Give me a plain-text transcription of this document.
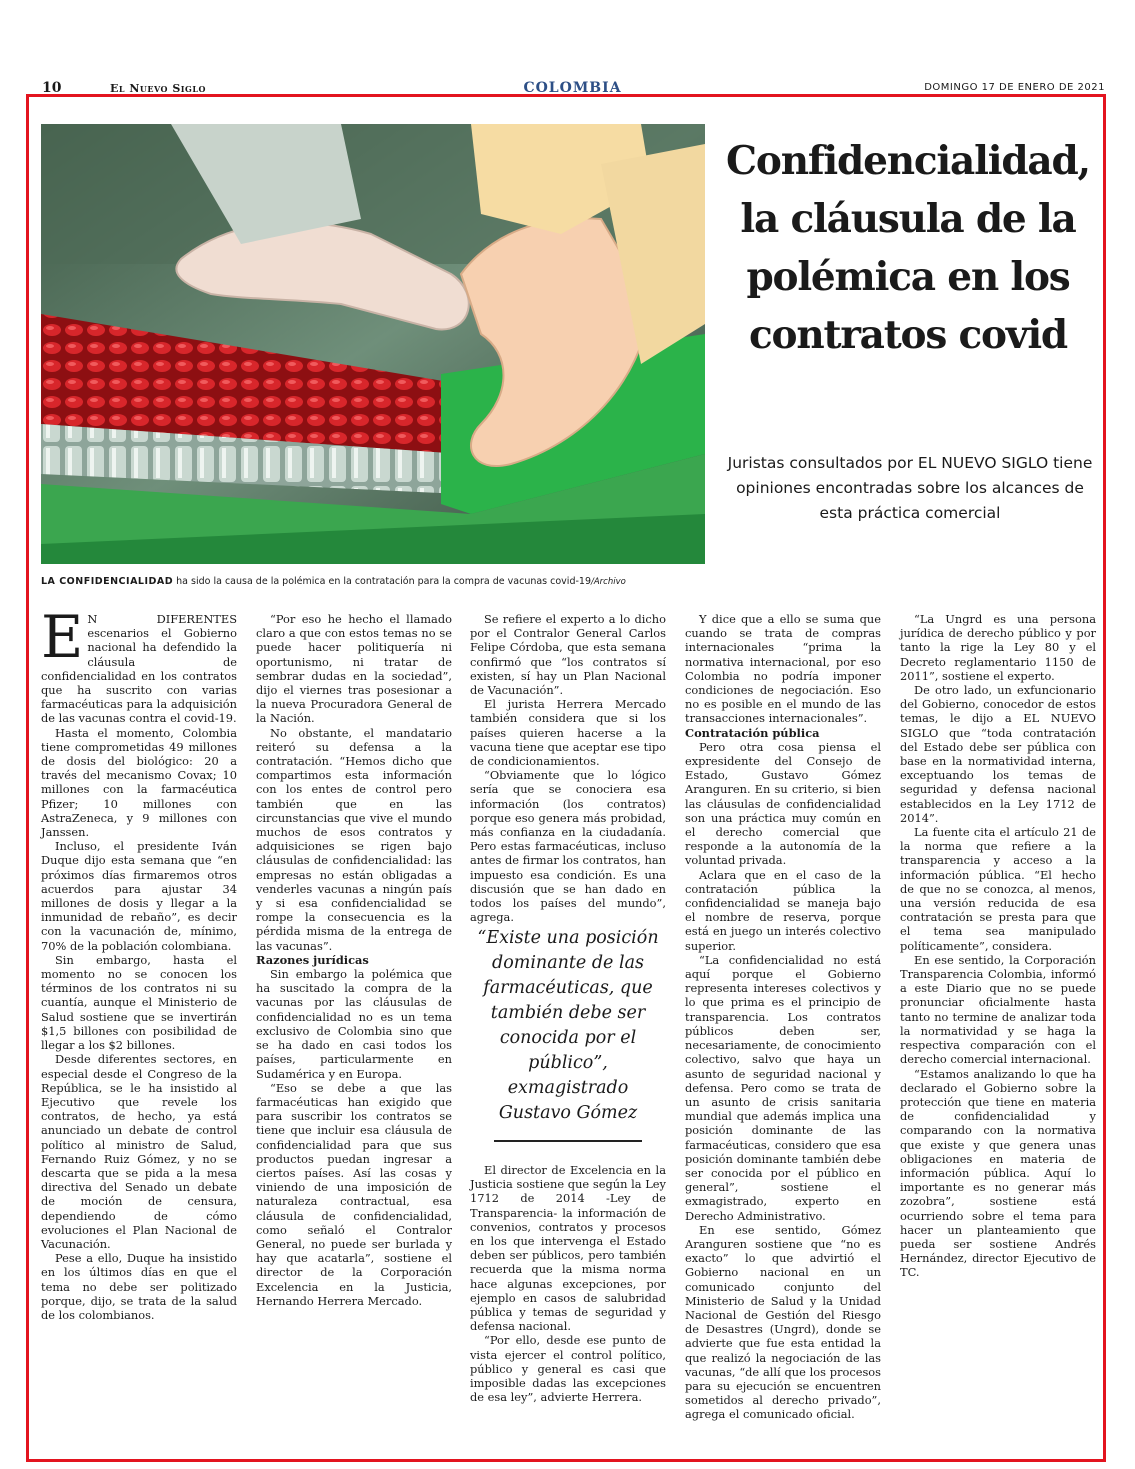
10	El Nuevo Siglo	COLOMBIA	DOMINGO 17 DE ENERO DE 2021
LA CONFIDENCIALIDAD ha sido la causa de la polémica en la contratación para la compra de vacunas covid-19/Archivo
Confidencialidad, la cláusula de la polémica en los contratos covid
Juristas consultados por EL NUEVO SIGLO tiene opiniones encontradas sobre los alcances de esta práctica comercial

EN DIFERENTES escenarios el Gobierno nacional ha defendido la cláusula de confidencialidad en los contratos que ha suscrito con varias farmacéuticas para la adquisición de las vacunas contra el covid-19.

Hasta el momento, Colombia tiene comprometidas 49 millones de dosis del biológico: 20 a través del mecanismo Covax; 10 millones con la farmacéutica Pfizer; 10 millones con AstraZeneca, y 9 millones con Janssen.

Incluso, el presidente Iván Duque dijo esta semana que “en próximos días firmaremos otros acuerdos para ajustar 34 millones de dosis y llegar a la inmunidad de rebaño”, es decir con la vacunación de, mínimo, 70% de la población colombiana.

Sin embargo, hasta el momento no se conocen los términos de los contratos ni su cuantía, aunque el Ministerio de Salud sostiene que se invertirán $1,5 billones con posibilidad de llegar a los $2 billones.

Desde diferentes sectores, en especial desde el Congreso de la República, se le ha insistido al Ejecutivo que revele los contratos, de hecho, ya está anunciado un debate de control político al ministro de Salud, Fernando Ruiz Gómez, y no se descarta que se pida a la mesa directiva del Senado un debate de moción de censura, dependiendo de cómo evoluciones el Plan Nacional de Vacunación.

Pese a ello, Duque ha insistido en los últimos días en que el tema no debe ser politizado porque, dijo, se trata de la salud de los colombianos.

“Por eso he hecho el llamado claro a que con estos temas no se puede hacer politiquería ni oportunismo, ni tratar de sembrar dudas en la sociedad”, dijo el viernes tras posesionar a la nueva Procuradora General de la Nación.

No obstante, el mandatario reiteró su defensa a la contratación. “Hemos dicho que compartimos esta información con los entes de control pero también que en las circunstancias que vive el mundo muchos de esos contratos y adquisiciones se rigen bajo cláusulas de confidencialidad: las empresas no están obligadas a venderles vacunas a ningún país y si esa confidencialidad se rompe la consecuencia es la pérdida misma de la entrega de las vacunas”.

Razones jurídicas

Sin embargo la polémica que ha suscitado la compra de la vacunas por las cláusulas de confidencialidad no es un tema exclusivo de Colombia sino que se ha dado en casi todos los países, particularmente en Sudamérica y en Europa.

“Eso se debe a que las farmacéuticas han exigido que para suscribir los contratos se tiene que incluir esa cláusula de confidencialidad para que sus productos puedan ingresar a ciertos países. Así las cosas y viniendo de una imposición de naturaleza contractual, esa cláusula de confidencialidad, como señaló el Contralor General, no puede ser burlada y hay que acatarla”, sostiene el director de la Corporación Excelencia en la Justicia, Hernando Herrera Mercado.

Se refiere el experto a lo dicho por el Contralor General Carlos Felipe Córdoba, que esta semana confirmó que “los contratos sí existen, sí hay un Plan Nacional de Vacunación”.

El jurista Herrera Mercado también considera que si los países quieren hacerse a la vacuna tiene que aceptar ese tipo de condicionamientos.

“Obviamente que lo lógico sería que se conociera esa información (los contratos) porque eso genera más probidad, más confianza en la ciudadanía. Pero estas farmacéuticas, incluso antes de firmar los contratos, han impuesto esa condición. Es una discusión que se han dado en todos los países del mundo”, agrega.

“Existe una posición dominante de las farmacéuticas, que también debe ser conocida por el público”, exmagistrado Gustavo Gómez

El director de Excelencia en la Justicia sostiene que según la Ley 1712 de 2014 -Ley de Transparencia- la información de convenios, contratos y procesos en los que intervenga el Estado deben ser públicos, pero también recuerda que la misma norma hace algunas excepciones, por ejemplo en casos de salubridad pública y temas de seguridad y defensa nacional.

“Por ello, desde ese punto de vista ejercer el control político, público y general es casi que imposible dadas las excepciones de esa ley”, advierte Herrera.

Y dice que a ello se suma que cuando se trata de compras internacionales “prima la normativa internacional, por eso Colombia no podría imponer condiciones de negociación. Eso no es posible en el mundo de las transacciones internacionales”.

Contratación pública

Pero otra cosa piensa el expresidente del Consejo de Estado, Gustavo Gómez Aranguren. En su criterio, si bien las cláusulas de confidencialidad son una práctica muy común en el derecho comercial que responde a la autonomía de la voluntad privada.

Aclara que en el caso de la contratación pública la confidencialidad se maneja bajo el nombre de reserva, porque está en juego un interés colectivo superior.

“La confidencialidad no está aquí porque el Gobierno representa intereses colectivos y lo que prima es el principio de transparencia. Los contratos públicos deben ser, necesariamente, de conocimiento colectivo, salvo que haya un asunto de seguridad nacional y defensa. Pero como se trata de un asunto de crisis sanitaria mundial que además implica una posición dominante de las farmacéuticas, considero que esa posición dominante también debe ser conocida por el público en general”, sostiene el exmagistrado, experto en Derecho Administrativo.

En ese sentido, Gómez Aranguren sostiene que “no es exacto” lo que advirtió el Gobierno nacional en un comunicado conjunto del Ministerio de Salud y la Unidad Nacional de Gestión del Riesgo de Desastres (Ungrd), donde se advierte que fue esta entidad la que realizó la negociación de las vacunas, “de allí que los procesos para su ejecución se encuentren sometidos al derecho privado”, agrega el comunicado oficial.

“La Ungrd es una persona jurídica de derecho público y por tanto la rige la Ley 80 y el Decreto reglamentario 1150 de 2011”, sostiene el experto.

De otro lado, un exfuncionario del Gobierno, conocedor de estos temas, le dijo a EL NUEVO SIGLO que “toda contratación del Estado debe ser pública con base en la normatividad interna, exceptuando los temas de seguridad y defensa nacional establecidos en la Ley 1712 de 2014”.

La fuente cita el artículo 21 de la norma que refiere a la transparencia y acceso a la información pública. “El hecho de que no se conozca, al menos, una versión reducida de esa contratación se presta para que el tema sea manipulado políticamente”, considera.

En ese sentido, la Corporación Transparencia Colombia, informó a este Diario que no se puede pronunciar oficialmente hasta tanto no termine de analizar toda la normatividad y se haga la respectiva comparación con el derecho comercial internacional.

“Estamos analizando lo que ha declarado el Gobierno sobre la protección que tiene en materia de confidencialidad y comparando con la normativa que existe y que genera unas obligaciones en materia de información pública. Aquí lo importante es no generar más zozobra”, sostiene está ocurriendo sobre el tema para hacer un planteamiento que pueda ser sostiene Andrés Hernández, director Ejecutivo de TC.
